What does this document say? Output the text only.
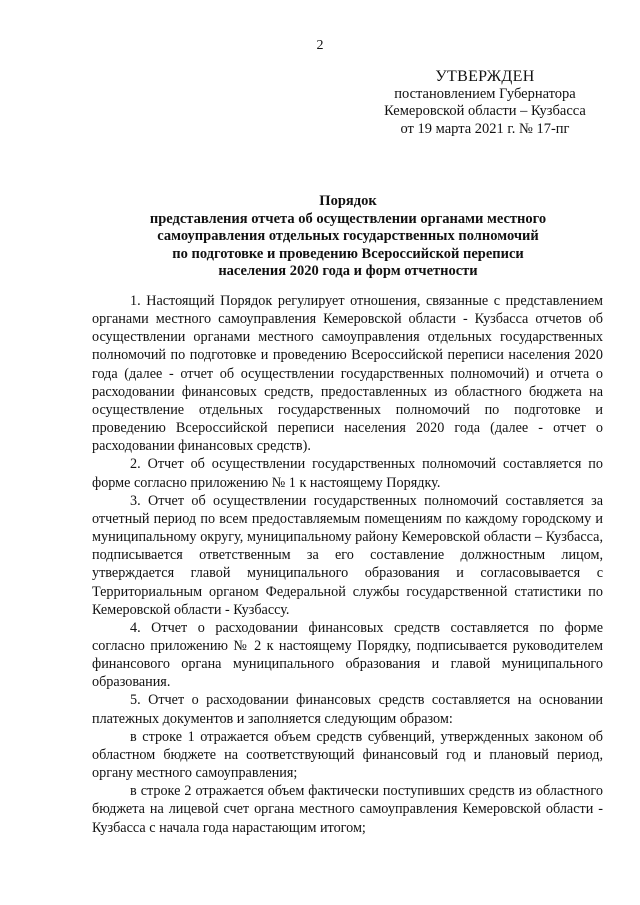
2
УТВЕРЖДЕН
постановлением Губернатора
Кемеровской области – Кузбасса
от 19 марта 2021 г. № 17-пг
Порядок
представления отчета об осуществлении органами местного
самоуправления отдельных государственных полномочий
по подготовке и проведению Всероссийской переписи
населения 2020 года и форм отчетности

1. Настоящий Порядок регулирует отношения, связанные с представлением органами местного самоуправления Кемеровской области - Кузбасса отчетов об осуществлении органами местного самоуправления отдельных государственных полномочий по подготовке и проведению Всероссийской переписи населения 2020 года (далее - отчет об осуществлении государственных полномочий) и отчета о расходовании финансовых средств, предоставленных из областного бюджета на осуществление отдельных государственных полномочий по подготовке и проведению Всероссийской переписи населения 2020 года (далее - отчет о расходовании финансовых средств).

2. Отчет об осуществлении государственных полномочий составляется по форме согласно приложению № 1 к настоящему Порядку.

3. Отчет об осуществлении государственных полномочий составляется за отчетный период по всем предоставляемым помещениям по каждому городскому и муниципальному округу, муниципальному району Кемеровской области – Кузбасса, подписывается ответственным за его составление должностным лицом, утверждается главой муниципального образования и согласовывается с Территориальным органом Федеральной службы государственной статистики по Кемеровской области - Кузбассу.

4. Отчет о расходовании финансовых средств составляется по форме согласно приложению № 2 к настоящему Порядку, подписывается руководителем финансового органа муниципального образования и главой муниципального образования.

5. Отчет о расходовании финансовых средств составляется на основании платежных документов и заполняется следующим образом:

в строке 1 отражается объем средств субвенций, утвержденных законом об областном бюджете на соответствующий финансовый год и плановый период, органу местного самоуправления;

в строке 2 отражается объем фактически поступивших средств из областного бюджета на лицевой счет органа местного самоуправления Кемеровской области - Кузбасса с начала года нарастающим итогом;
